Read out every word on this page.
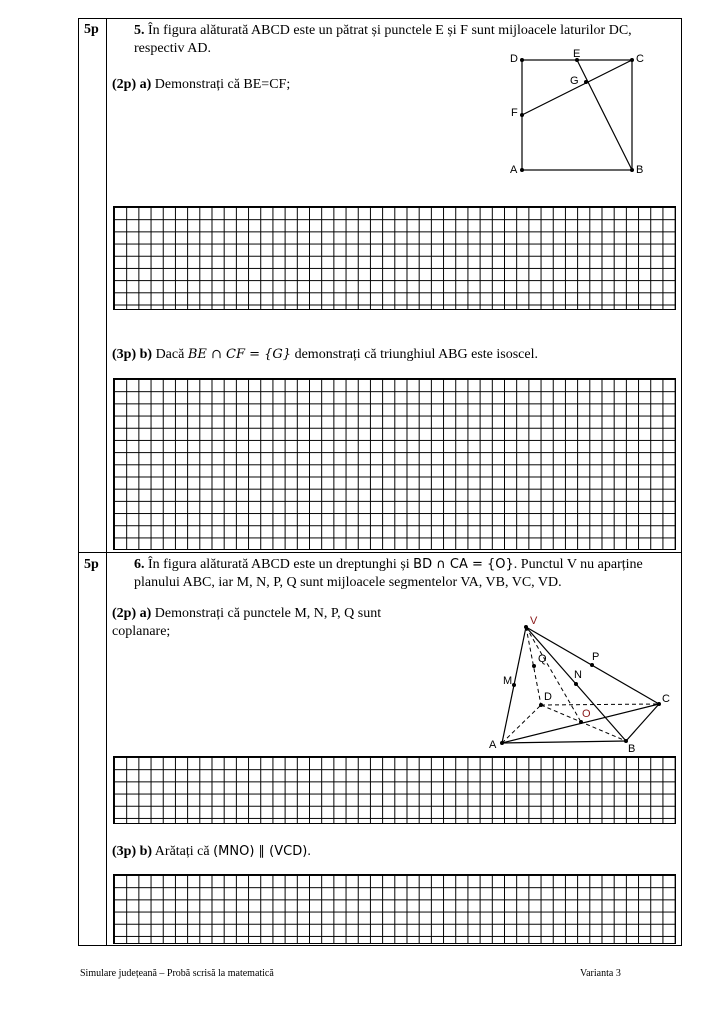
5p	5. În figura alăturată ABCD este un pătrat și punctele E și F sunt mijloacele laturilor DC, respectiv AD.
(2p) a) Demonstrați că BE=CF;
D	C
E
G
F
A	B
(3p) b) Dacă BE ∩ CF = {G} demonstrați că triunghiul ABG este isoscel.
5p	6. În figura alăturată ABCD este un dreptunghi și BD ∩ CA = {O}. Punctul V nu aparține planului ABC, iar M, N, P, Q sunt mijloacele segmentelor VA, VB, VC, VD.
(2p) a) Demonstrați că punctele M, N, P, Q sunt coplanare;
V
A	B
C
D
O
M	N
P
Q
(3p) b) Arătați că (MNO) ∥ (VCD).
Simulare județeană – Probă scrisă la matematică	Varianta 3
